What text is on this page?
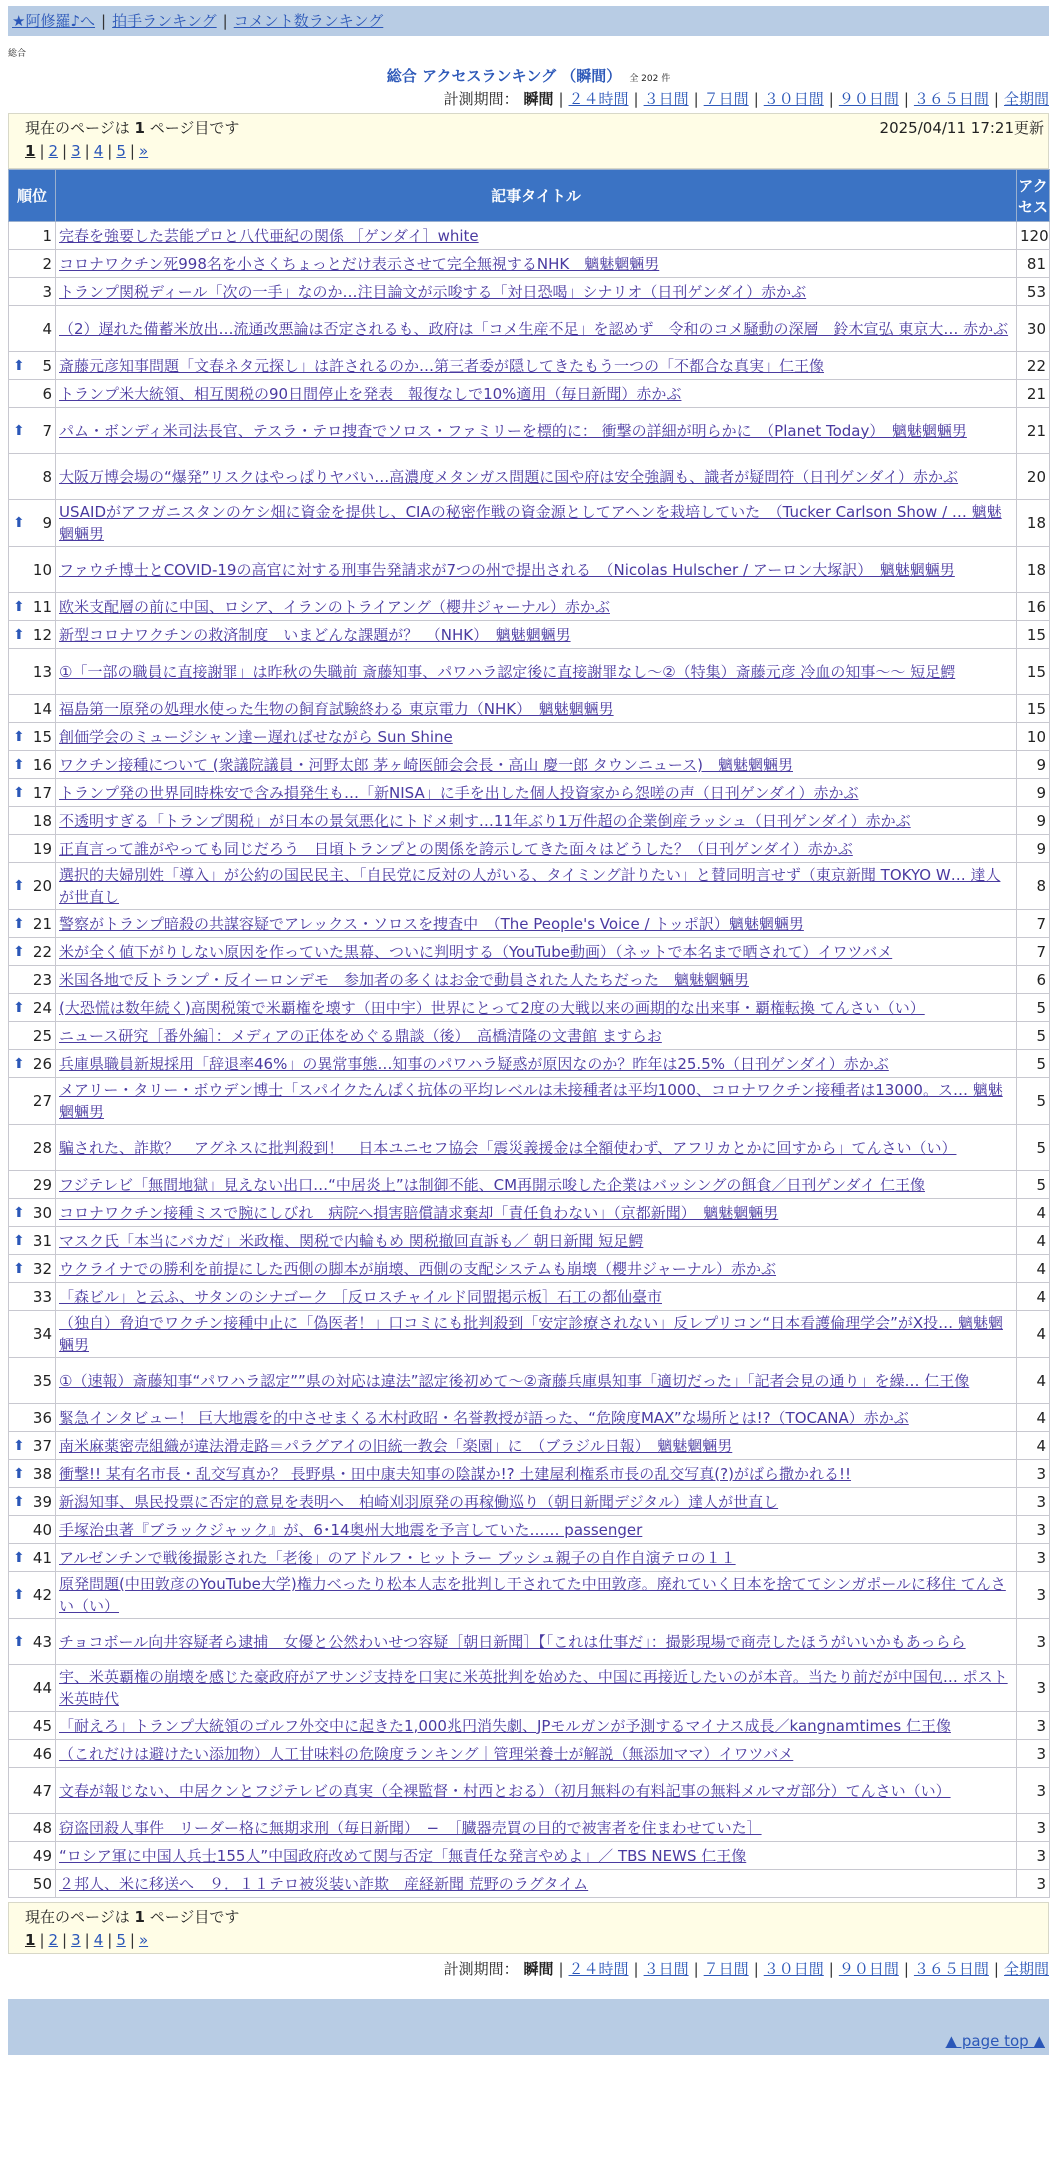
★阿修羅♪へ | 拍手ランキング | コメント数ランキング
総合
総合 アクセスランキング （瞬間） 全 202 件
計測期間： 瞬間 | ２４時間 | ３日間 | ７日間 | ３０日間 | ９０日間 | ３６５日間 | 全期間
現在のページは 1 ページ目です	2025/04/11 17:21更新
1 | 2 | 3 | 4 | 5 | »
順位	記事タイトル	アクセス
1	完春を強要した芸能プロと八代亜紀の関係 ［ゲンダイ］white	120
2	コロナワクチン死998名を小さくちょっとだけ表示させて完全無視するNHK　魑魅魍魎男	81
3	トランプ関税ディール「次の一手」なのか…注目論文が示唆する「対日恐喝」シナリオ（日刊ゲンダイ）赤かぶ	53
4	（2）遅れた備蓄米放出…流通改悪論は否定されるも、政府は「コメ生産不足」を認めず　令和のコメ騒動の深層　鈴木宣弘 東京大… 赤かぶ	30

⬆ 5	斎藤元彦知事問題「文春ネタ元探し」は許されるのか…第三者委が隠してきたもう一つの「不都合な真実」仁王像	22
6	トランプ米大統領、相互関税の90日間停止を発表　報復なしで10%適用（毎日新聞）赤かぶ	21

⬆ 7	パム・ボンディ米司法長官、テスラ・テロ捜査でソロス・ファミリーを標的に： 衝撃の詳細が明らかに　（Planet Today）　魑魅魍魎男	21
8	大阪万博会場の“爆発”リスクはやっぱりヤバい…高濃度メタンガス問題に国や府は安全強調も、識者が疑問符（日刊ゲンダイ）赤かぶ	20

⬆ 9	USAIDがアフガニスタンのケシ畑に資金を提供し、CIAの秘密作戦の資金源としてアヘンを栽培していた　（Tucker Carlson Show / … 魑魅魍魎男	18
10	ファウチ博士とCOVID-19の高官に対する刑事告発請求が7つの州で提出される　（Nicolas Hulscher / アーロン大塚訳）　魑魅魍魎男	18

⬆ 11	欧米支配層の前に中国、ロシア、イランのトライアング（櫻井ジャーナル）赤かぶ	16

⬆ 12	新型コロナワクチンの救済制度　いまどんな課題が？　（NHK）　魑魅魍魎男	15
13	①「一部の職員に直接謝罪」は昨秋の失職前 斎藤知事、パワハラ認定後に直接謝罪なし〜②（特集）斎藤元彦 冷血の知事〜〜 短足鰐	15
14	福島第一原発の処理水使った生物の飼育試験終わる 東京電力（NHK）　魑魅魍魎男	15

⬆ 15	創価学会のミュージシャン達ー遅ればせながら Sun Shine	10

⬆ 16	ワクチン接種について (衆議院議員・河野太郎 茅ヶ崎医師会会長・高山 慶一郎 タウンニュース)　魑魅魍魎男	9

⬆ 17	トランプ発の世界同時株安で含み損発生も…「新NISA」に手を出した個人投資家から怨嗟の声（日刊ゲンダイ）赤かぶ	9
18	不透明すぎる「トランプ関税」が日本の景気悪化にトドメ刺す…11年ぶり1万件超の企業倒産ラッシュ（日刊ゲンダイ）赤かぶ	9
19	正直言って誰がやっても同じだろう　日頃トランプとの関係を誇示してきた面々はどうした？（日刊ゲンダイ）赤かぶ	9

⬆ 20	選択的夫婦別姓「導入」が公約の国民民主、「自民党に反対の人がいる、タイミング計りたい」と賛同明言せず（東京新聞 TOKYO W… 達人が世直し	8

⬆ 21	警察がトランプ暗殺の共謀容疑でアレックス・ソロスを捜査中　（The People's Voice / トッポ訳）魑魅魍魎男	7

⬆ 22	米が全く値下がりしない原因を作っていた黒幕、ついに判明する（YouTube動画）（ネットで本名まで晒されて）イワツバメ	7
23	米国各地で反トランプ・反イーロンデモ　参加者の多くはお金で動員された人たちだった　魑魅魍魎男	6

⬆ 24	(大恐慌は数年続く)高関税策で米覇権を壊す（田中宇）世界にとって2度の大戦以来の画期的な出来事・覇権転換 てんさい（い）	5
25	ニュース研究［番外編］：メディアの正体をめぐる鼎談（後）　高橋清隆の文書館 ますらお	5

⬆ 26	兵庫県職員新規採用「辞退率46%」の異常事態…知事のパワハラ疑惑が原因なのか？昨年は25.5%（日刊ゲンダイ）赤かぶ	5
27	メアリー・タリー・ボウデン博士「スパイクたんぱく抗体の平均レベルは未接種者は平均1000、コロナワクチン接種者は13000。ス… 魑魅魍魎男	5
28	騙された、詐欺？　アグネスに批判殺到！　日本ユニセフ協会「震災義援金は全額使わず、アフリカとかに回すから」てんさい（い）	5
29	フジテレビ「無間地獄」見えない出口…“中居炎上”は制御不能、CM再開示唆した企業はバッシングの餌食／日刊ゲンダイ 仁王像	5

⬆ 30	コロナワクチン接種ミスで腕にしびれ　病院へ損害賠償請求棄却「責任負わない」（京都新聞）　魑魅魍魎男	4

⬆ 31	マスク氏「本当にバカだ」米政権、関税で内輪もめ 関税撤回直訴も／ 朝日新聞 短足鰐	4

⬆ 32	ウクライナでの勝利を前提にした西側の脚本が崩壊、西側の支配システムも崩壊（櫻井ジャーナル）赤かぶ	4
33	「森ビル」と云ふ、サタンのシナゴーク ［反ロスチャイルド同盟掲示板］石工の都仙臺市	4
34	（独自）脅迫でワクチン接種中止に「偽医者！」口コミにも批判殺到「安定診療されない」反レプリコン“日本看護倫理学会”がX投… 魑魅魍魎男	4
35	①（速報）斎藤知事“パワハラ認定””県の対応は違法”認定後初めて〜②斎藤兵庫県知事「適切だった」「記者会見の通り」を繰… 仁王像	4
36	緊急インタビュー！ 巨大地震を的中させまくる木村政昭・名誉教授が語った、“危険度MAX”な場所とは!?（TOCANA）赤かぶ	4

⬆ 37	南米麻薬密売組織が違法滑走路＝パラグアイの旧統一教会「楽園」に　（ブラジル日報）　魑魅魍魎男	4

⬆ 38	衝撃!! 某有名市長・乱交写真か？ 長野県・田中康夫知事の陰謀か!? 土建屋利権系市長の乱交写真(?)がばら撒かれる!!	3

⬆ 39	新潟知事、県民投票に否定的意見を表明へ　柏崎刈羽原発の再稼働巡り（朝日新聞デジタル）達人が世直し	3
40	手塚治虫著『ブラックジャック』が、6･14奥州大地震を予言していた…… passenger	3

⬆ 41	アルゼンチンで戦後撮影された「老後」のアドルフ・ヒットラー ブッシュ親子の自作自演テロの１１	3

⬆ 42	原発問題(中田敦彦のYouTube大学)権力べったり松本人志を批判し干されてた中田敦彦。廃れていく日本を捨ててシンガポールに移住 てんさい（い）	3

⬆ 43	チョコボール向井容疑者ら逮捕　女優と公然わいせつ容疑［朝日新聞］【「これは仕事だ」：撮影現場で商売したほうがいいかもあっらら	3
44	宇、米英覇権の崩壊を感じた豪政府がアサンジ支持を口実に米英批判を始めた、中国に再接近したいのが本音。当たり前だが中国包… ポスト米英時代	3
45	「耐えろ」トランプ大統領のゴルフ外交中に起きた1,000兆円消失劇、JPモルガンが予測するマイナス成長／kangnamtimes 仁王像	3
46	（これだけは避けたい添加物）人工甘味料の危険度ランキング｜管理栄養士が解説（無添加ママ）イワツバメ	3
47	文春が報じない、中居クンとフジテレビの真実（全裸監督・村西とおる）（初月無料の有料記事の無料メルマガ部分）てんさい（い）	3
48	窃盗団殺人事件　リーダー格に無期求刑（毎日新聞）　−　［臓器売買の目的で被害者を住まわせていた］	3
49	“ロシア軍に中国人兵士155人”中国政府改めて関与否定「無責任な発言やめよ」／ TBS NEWS 仁王像	3
50	２邦人、米に移送へ　９．１１テロ被災装い詐欺　産経新聞 荒野のラグタイム	3
現在のページは 1 ページ目です
1 | 2 | 3 | 4 | 5 | »
計測期間： 瞬間 | ２４時間 | ３日間 | ７日間 | ３０日間 | ９０日間 | ３６５日間 | 全期間
▲ page top ▲
